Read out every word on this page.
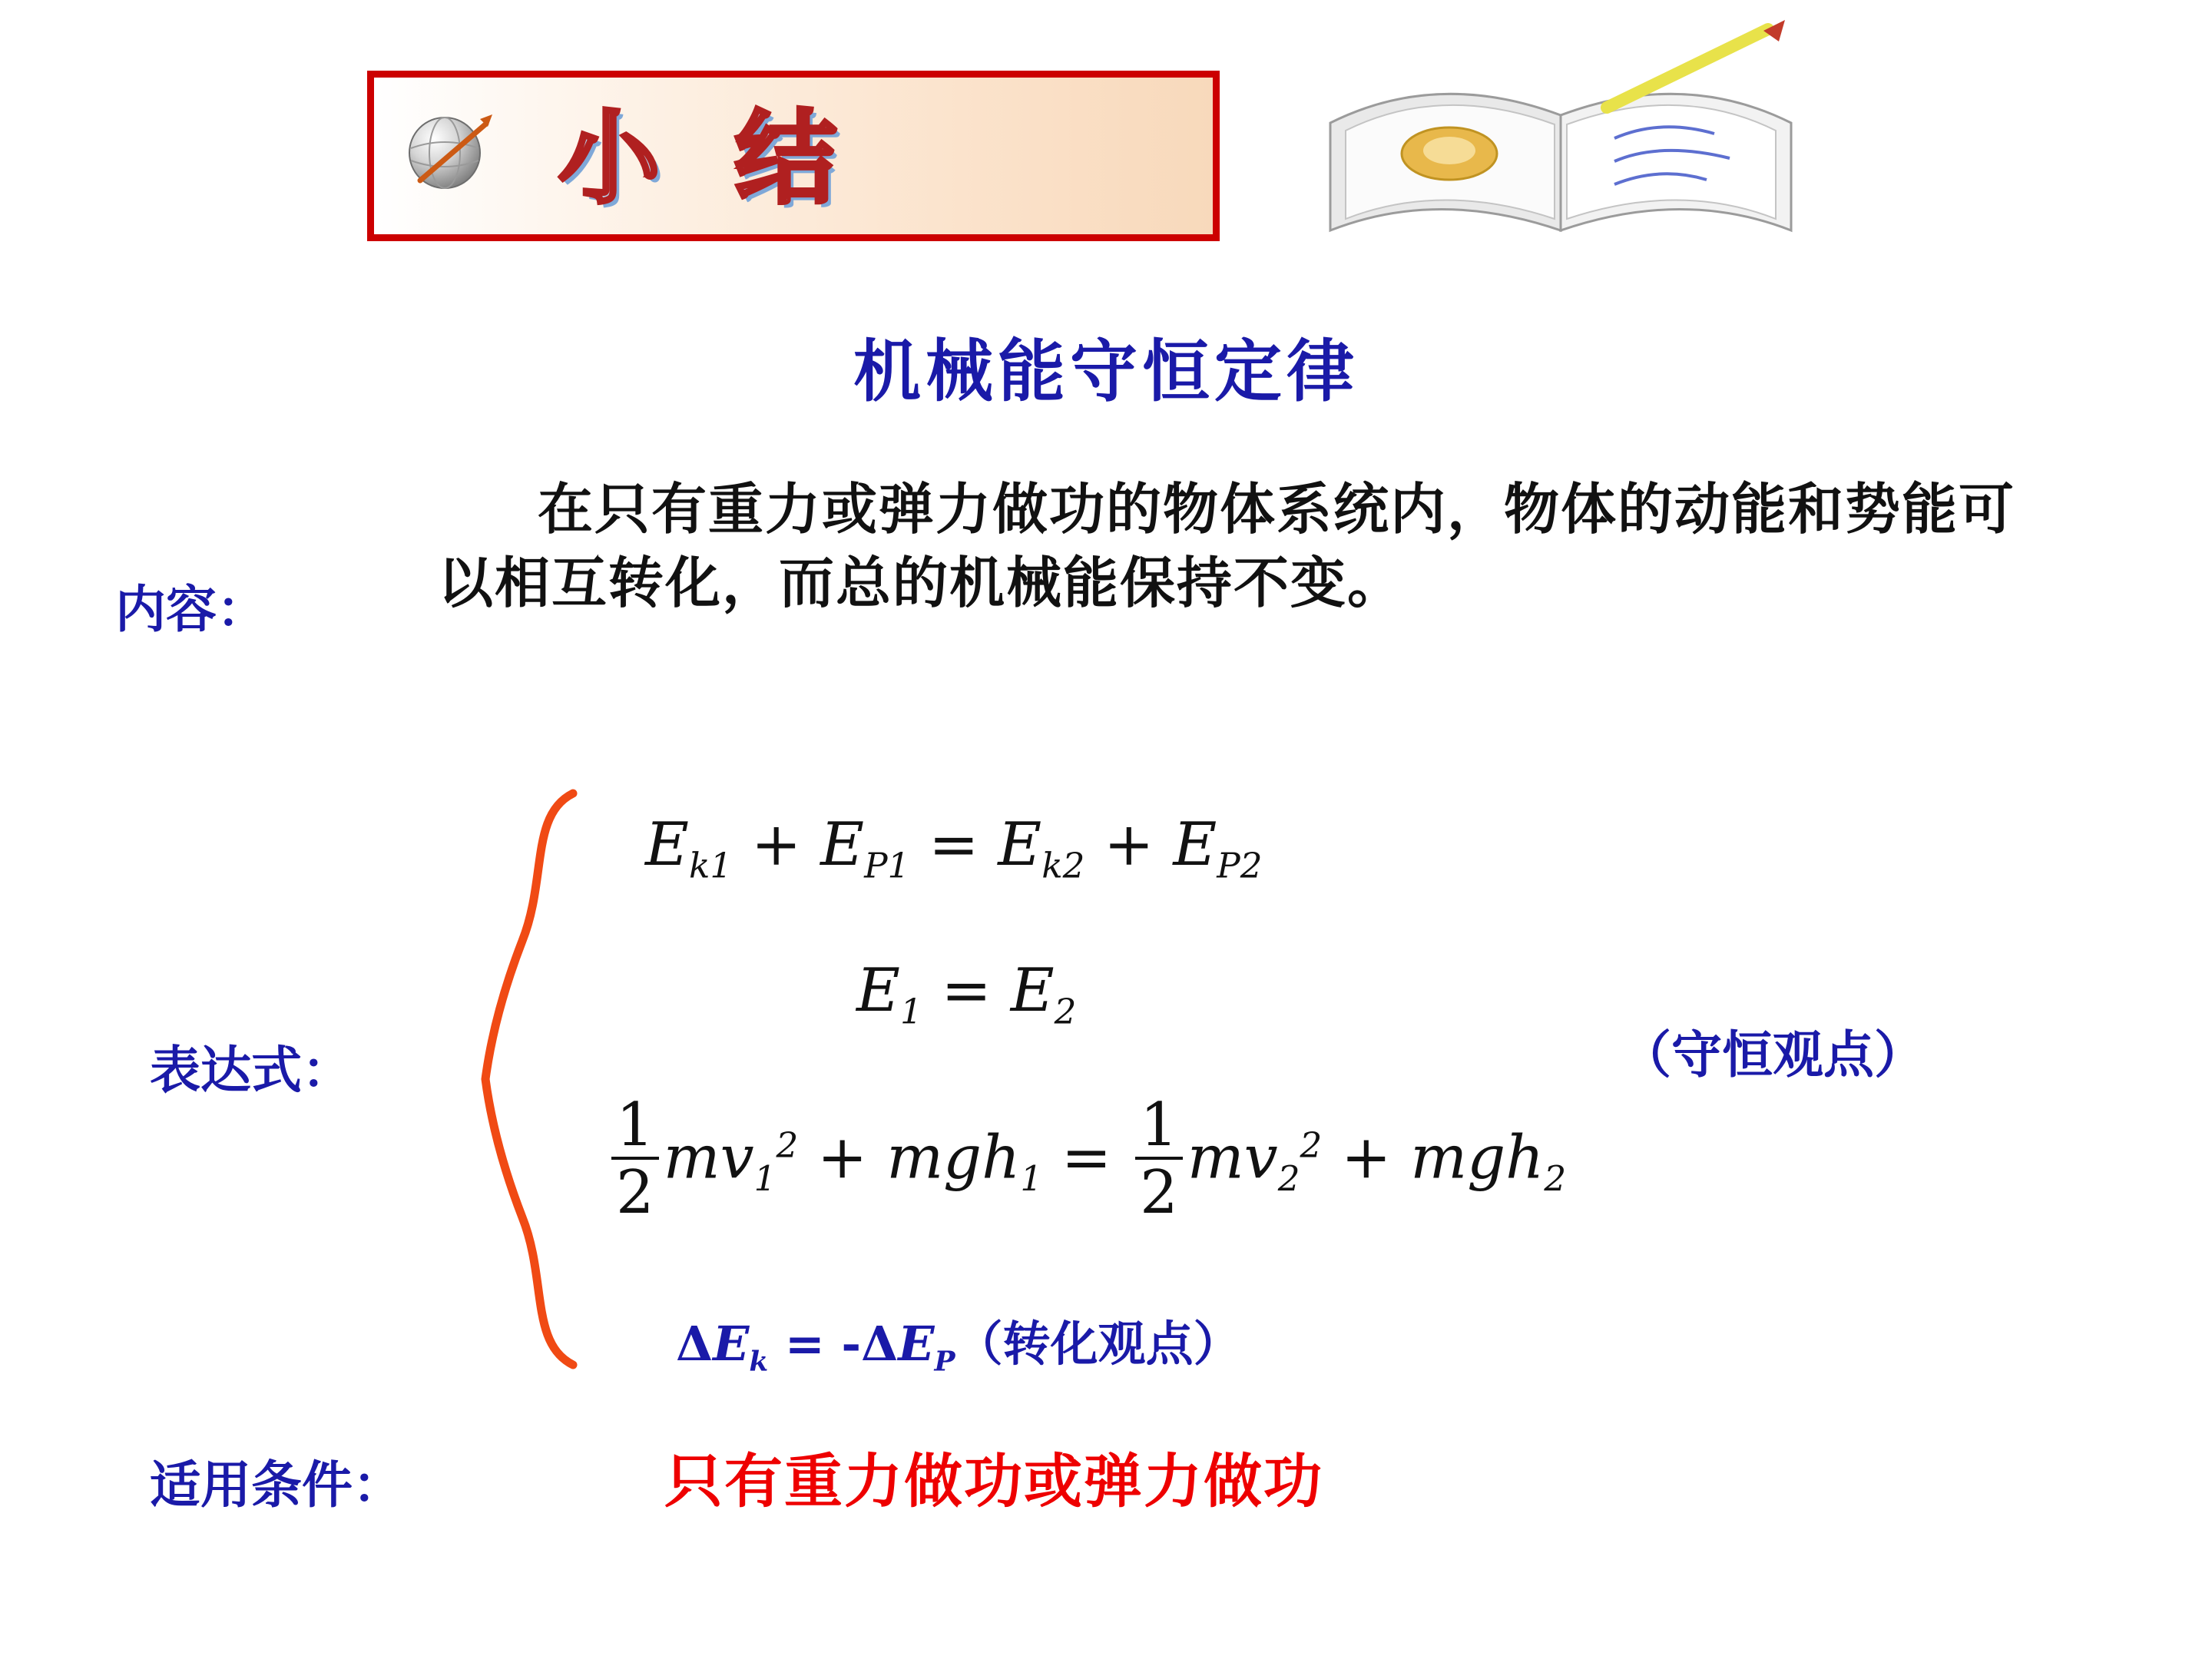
小 结
机械能守恒定律
内容：
在只有重力或弹力做功的物体系统内，物体的动能和势能可以相互转化，而总的机械能保持不变。
表达式：
$E_{k1} + E_{P1} = E_{k2} + E_{P2}$
$E_1 = E_2$
$\frac{1}{2} mv_1^2 + mgh_1 = \frac{1}{2} mv_2^2 + mgh_2$
$\Delta E_k = -\Delta E_P$（转化观点）
（守恒观点）
适用条件：	只有重力做功或弹力做功
